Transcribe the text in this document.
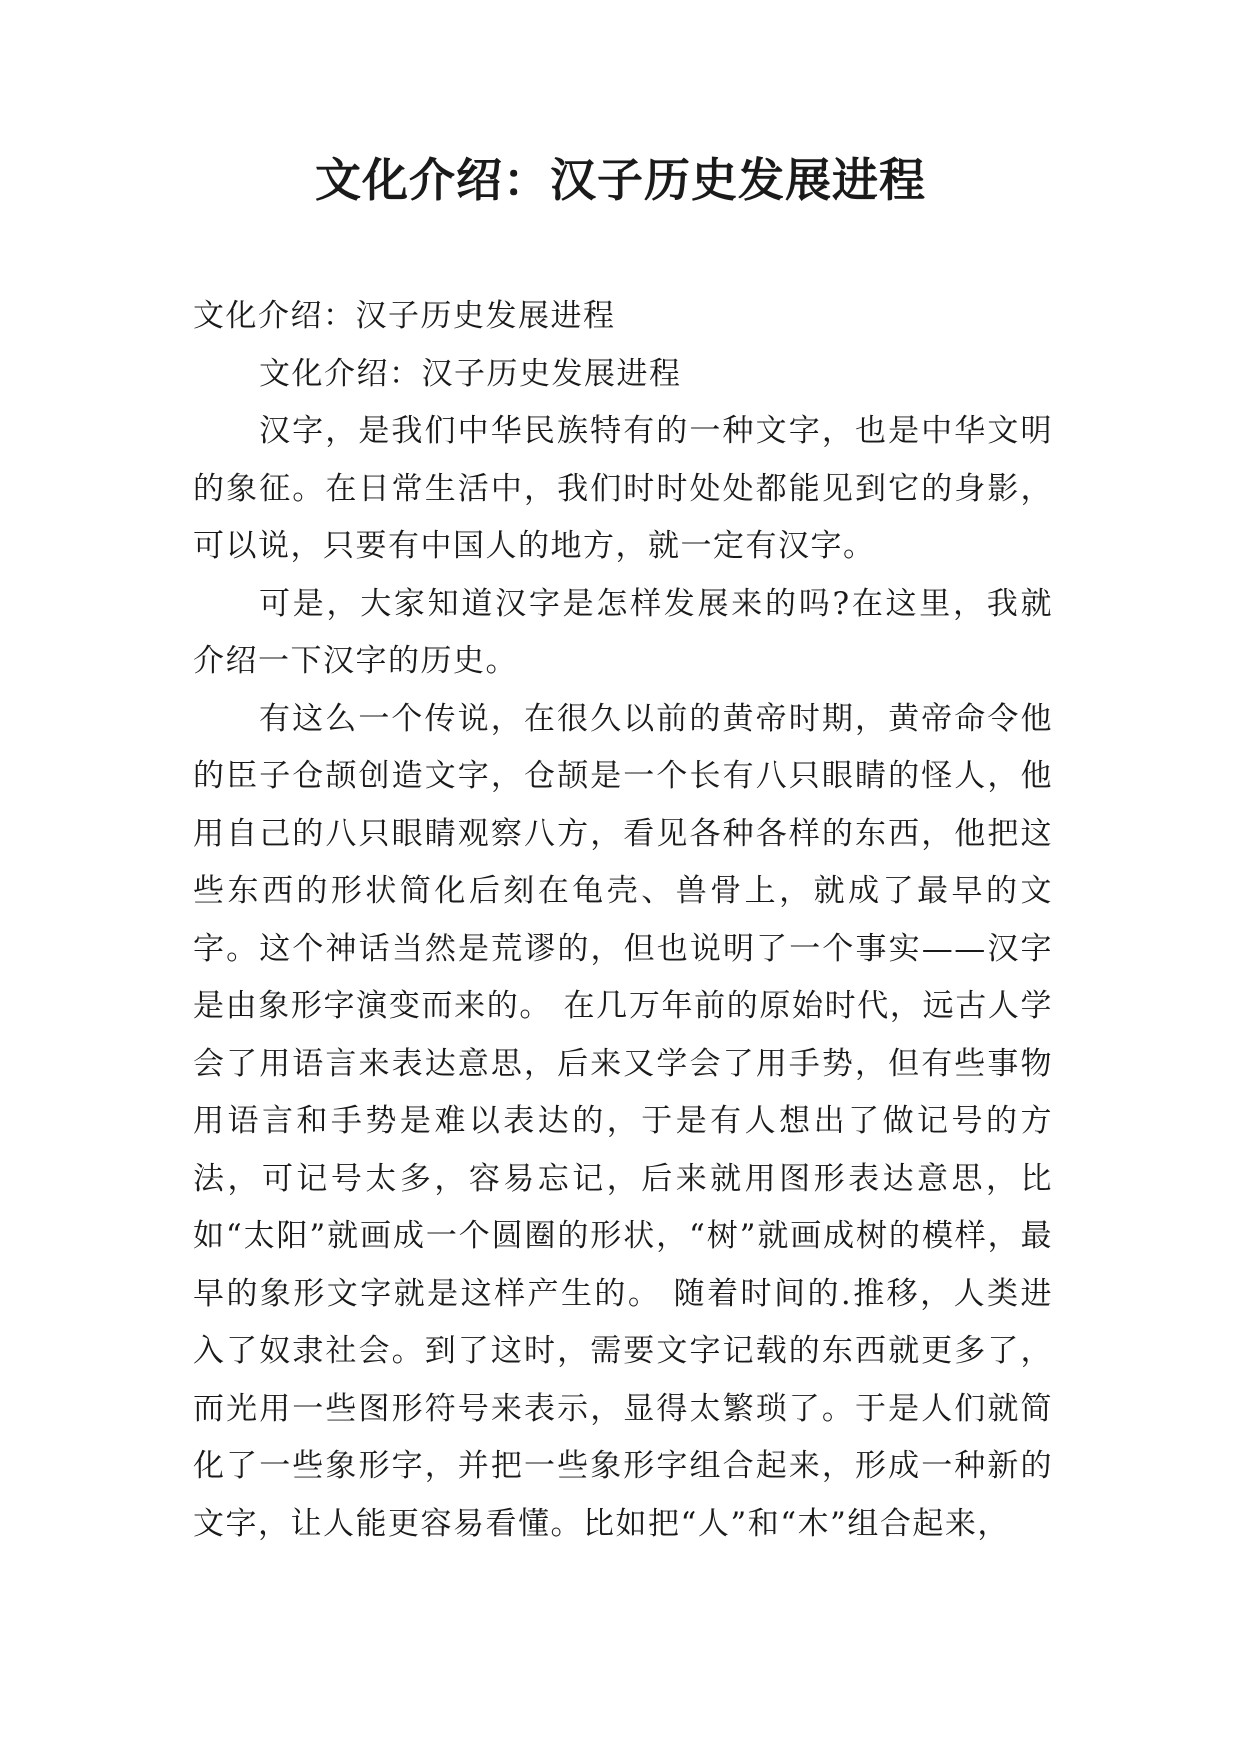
文化介绍：汉子历史发展进程

文化介绍：汉子历史发展进程

文化介绍：汉子历史发展进程

汉字，是我们中华民族特有的一种文字，也是中华文明的象征。在日常生活中，我们时时处处都能见到它的身影，可以说，只要有中国人的地方，就一定有汉字。

可是，大家知道汉字是怎样发展来的吗?在这里，我就介绍一下汉字的历史。

有这么一个传说，在很久以前的黄帝时期，黄帝命令他的臣子仓颉创造文字，仓颉是一个长有八只眼睛的怪人，他用自己的八只眼睛观察八方，看见各种各样的东西，他把这些东西的形状简化后刻在龟壳、兽骨上，就成了最早的文字。这个神话当然是荒谬的，但也说明了一个事实——汉字是由象形字演变而来的。 在几万年前的原始时代，远古人学会了用语言来表达意思，后来又学会了用手势，但有些事物用语言和手势是难以表达的，于是有人想出了做记号的方法，可记号太多，容易忘记，后来就用图形表达意思，比如“太阳”就画成一个圆圈的形状，“树”就画成树的模样，最早的象形文字就是这样产生的。 随着时间的.推移，人类进入了奴隶社会。到了这时，需要文字记载的东西就更多了，而光用一些图形符号来表示，显得太繁琐了。于是人们就简化了一些象形字，并把一些象形字组合起来，形成一种新的文字，让人能更容易看懂。比如把“人”和“木”组合起来，
